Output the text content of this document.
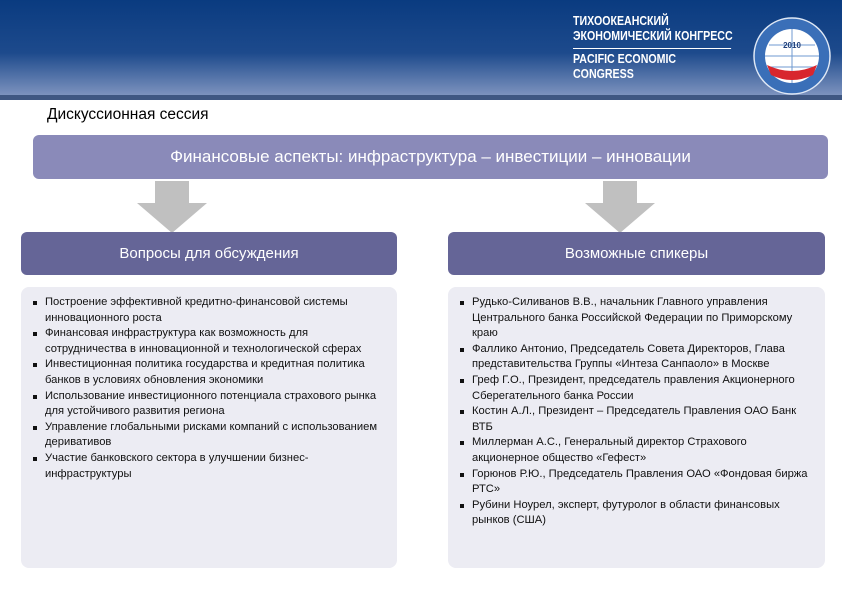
ТИХООКЕАНСКИЙ
ЭКОНОМИЧЕСКИЙ КОНГРЕСС
PACIFIC ECONOMIC
CONGRESS
2010
Дискуссионная сессия
Финансовые аспекты: инфраструктура – инвестиции – инновации
Вопросы для обсуждения	Возможные спикеры
Построение эффективной кредитно-финансовой системы инновационного роста
Финансовая инфраструктура как возможность для сотрудничества в инновационной и технологической сферах
Инвестиционная политика государства и кредитная политика банков в условиях обновления экономики
Использование инвестиционного потенциала страхового рынка для устойчивого развития региона
Управление глобальными рисками компаний с использованием деривативов
Участие банковского сектора в улучшении бизнес-инфраструктуры
Рудько-Силиванов В.В., начальник Главного управления Центрального банка Российской Федерации по Приморскому краю
Фаллико Антонио, Председатель Совета Директоров, Глава представительства Группы «Интеза Санпаоло» в Москве
Греф Г.О., Президент, председатель правления Акционерного Сберегательного банка России
Костин А.Л., Президент – Председатель Правления ОАО Банк ВТБ
Миллерман А.С., Генеральный директор Страхового акционерное общество «Гефест»
Горюнов Р.Ю., Председатель Правления ОАО «Фондовая биржа РТС»
Рубини Ноурел, эксперт, футуролог в области финансовых рынков (США)
